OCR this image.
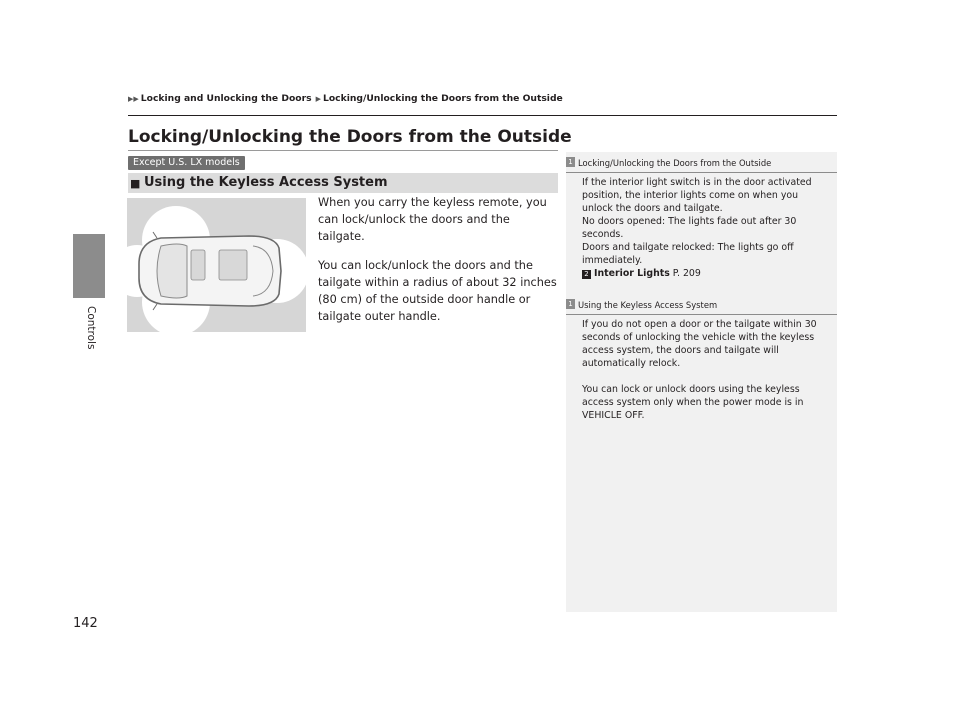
Controls
▶▶ Locking and Unlocking the Doors ▶ Locking/Unlocking the Doors from the Outside
Locking/Unlocking the Doors from the Outside
Except U.S. LX models
■ Using the Keyless Access System

When you carry the keyless remote, you can lock/unlock the doors and the tailgate.

You can lock/unlock the doors and the tailgate within a radius of about 32 inches (80 cm) of the outside door handle or tailgate outer handle.

1 Locking/Unlocking the Doors from the Outside

If the interior light switch is in the door activated position, the interior lights come on when you unlock the doors and tailgate.

No doors opened: The lights fade out after 30 seconds.

Doors and tailgate relocked: The lights go off immediately.

2 Interior Lights P. 209
1 Using the Keyless Access System

If you do not open a door or the tailgate within 30 seconds of unlocking the vehicle with the keyless access system, the doors and tailgate will automatically relock.

You can lock or unlock doors using the keyless access system only when the power mode is in VEHICLE OFF.

142
